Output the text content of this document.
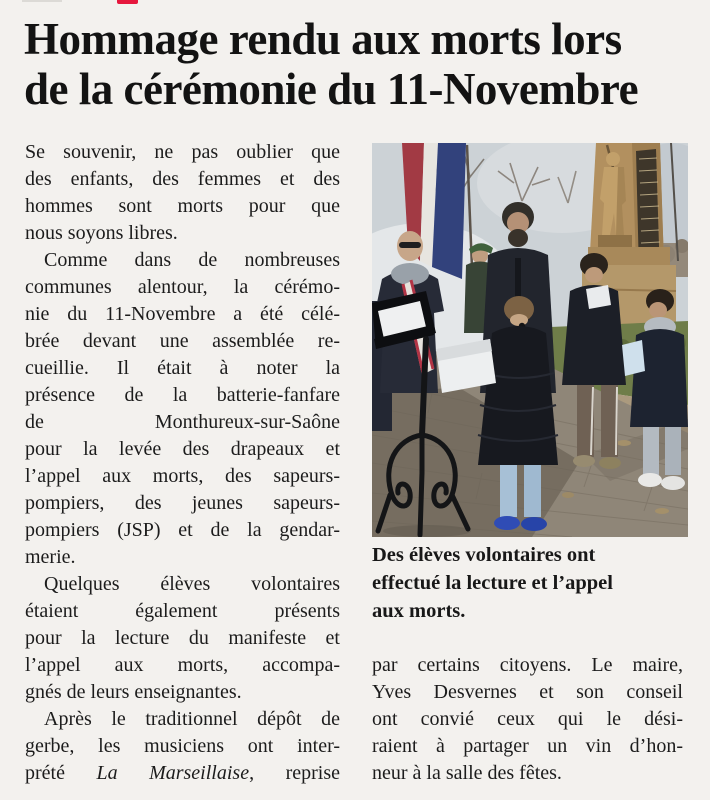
Hommage rendu aux morts lors
de la cérémonie du 11-Novembre
Se souvenir, ne pas oublier que
des enfants, des femmes et des
hommes sont morts pour que
nous soyons libres.
Comme dans de nombreuses
communes alentour, la cérémo-
nie du 11-Novembre a été célé-
brée devant une assemblée re-
cueillie. Il était à noter la
présence de la batterie-fanfare
de Monthureux-sur-Saône
pour la levée des drapeaux et
l’appel aux morts, des sapeurs-
pompiers, des jeunes sapeurs-
pompiers (JSP) et de la gendar-
merie.
Quelques élèves volontaires
étaient également présents
pour la lecture du manifeste et
l’appel aux morts, accompa-
gnés de leurs enseignantes.
Après le traditionnel dépôt de
gerbe, les musiciens ont inter-
prété La Marseillaise, reprise
Des élèves volontaires ont
effectué la lecture et l’appel
aux morts.
par certains citoyens. Le maire,
Yves Desvernes et son conseil
ont convié ceux qui le dési-
raient à partager un vin d’hon-
neur à la salle des fêtes.
